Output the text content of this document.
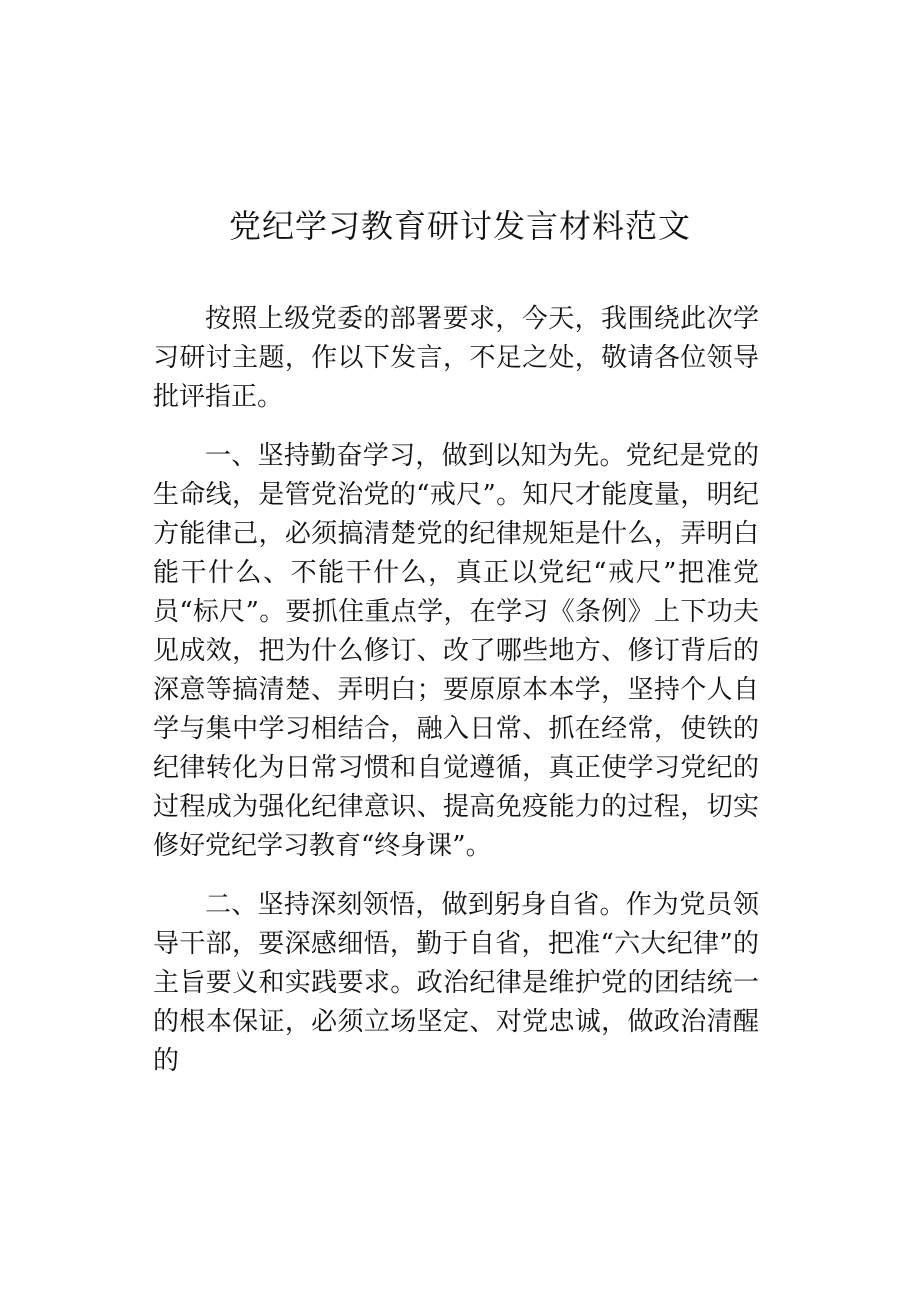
党纪学习教育研讨发言材料范文

按照上级党委的部署要求，今天，我围绕此次学习研讨主题，作以下发言，不足之处，敬请各位领导批评指正。

一、坚持勤奋学习，做到以知为先。党纪是党的生命线，是管党治党的“戒尺”。知尺才能度量，明纪方能律己，必须搞清楚党的纪律规矩是什么，弄明白能干什么、不能干什么，真正以党纪“戒尺”把准党员“标尺”。要抓住重点学，在学习《条例》上下功夫见成效，把为什么修订、改了哪些地方、修订背后的深意等搞清楚、弄明白；要原原本本学，坚持个人自学与集中学习相结合，融入日常、抓在经常，使铁的纪律转化为日常习惯和自觉遵循，真正使学习党纪的过程成为强化纪律意识、提高免疫能力的过程，切实修好党纪学习教育“终身课”。

二、坚持深刻领悟，做到躬身自省。作为党员领导干部，要深感细悟，勤于自省，把准“六大纪律”的主旨要义和实践要求。政治纪律是维护党的团结统一的根本保证，必须立场坚定、对党忠诚，做政治清醒的
